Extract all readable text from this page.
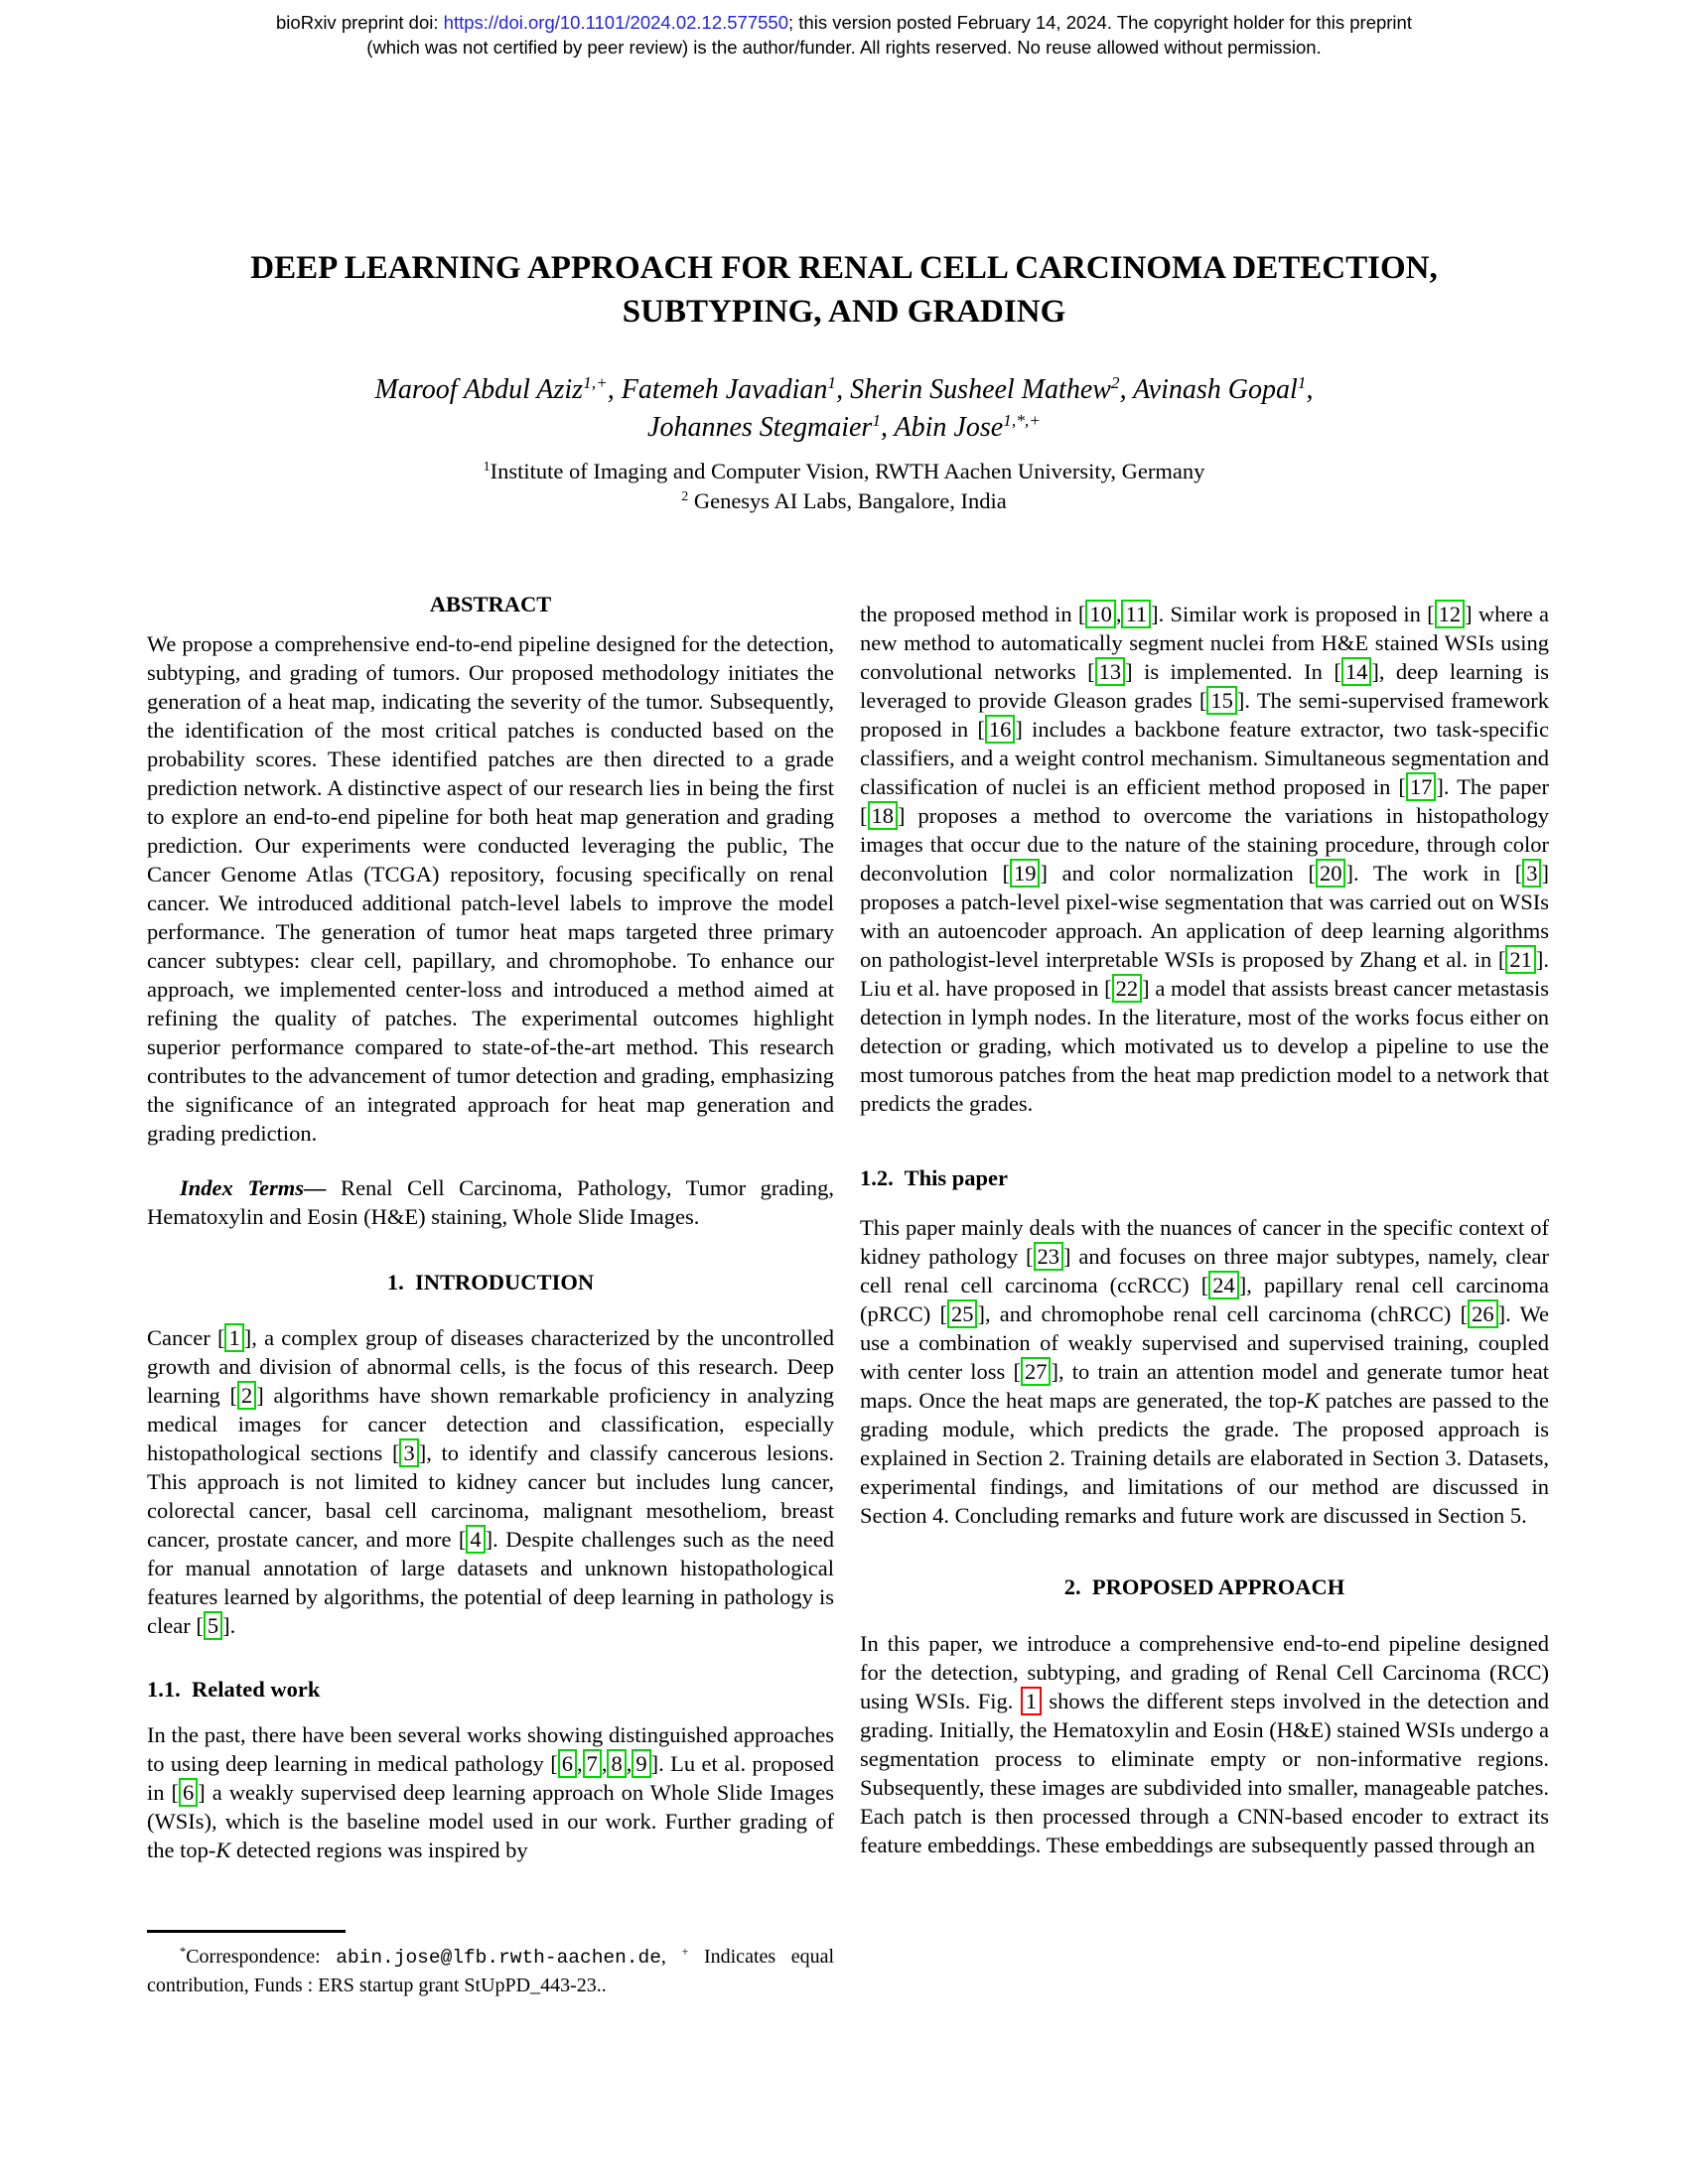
bioRxiv preprint doi: https://doi.org/10.1101/2024.02.12.577550; this version posted February 14, 2024. The copyright holder for this preprint
(which was not certified by peer review) is the author/funder. All rights reserved. No reuse allowed without permission.
DEEP LEARNING APPROACH FOR RENAL CELL CARCINOMA DETECTION,
SUBTYPING, AND GRADING
Maroof Abdul Aziz$^{1,+}$, Fatemeh Javadian$^1$, Sherin Susheel Mathew$^2$, Avinash Gopal$^1$,
Johannes Stegmaier$^1$, Abin Jose$^{1,*,+}$
$^1$Institute of Imaging and Computer Vision, RWTH Aachen University, Germany
$^2$ Genesys AI Labs, Bangalore, India
ABSTRACT

We propose a comprehensive end-to-end pipeline designed for the detection, subtyping, and grading of tumors. Our proposed methodology initiates the generation of a heat map, indicating the severity of the tumor. Subsequently, the identification of the most critical patches is conducted based on the probability scores. These identified patches are then directed to a grade prediction network. A distinctive aspect of our research lies in being the first to explore an end-to-end pipeline for both heat map generation and grading prediction. Our experiments were conducted leveraging the public, The Cancer Genome Atlas (TCGA) repository, focusing specifically on renal cancer. We introduced additional patch-level labels to improve the model performance. The generation of tumor heat maps targeted three primary cancer subtypes: clear cell, papillary, and chromophobe. To enhance our approach, we implemented center-loss and introduced a method aimed at refining the quality of patches. The experimental outcomes highlight superior performance compared to state-of-the-art method. This research contributes to the advancement of tumor detection and grading, emphasizing the significance of an integrated approach for heat map generation and grading prediction.

Index Terms— Renal Cell Carcinoma, Pathology, Tumor grading, Hematoxylin and Eosin (H&E) staining, Whole Slide Images.

1.  INTRODUCTION

Cancer [ 1 ], a complex group of diseases characterized by the uncontrolled growth and division of abnormal cells, is the focus of this research. Deep learning [ 2 ] algorithms have shown remarkable proficiency in analyzing medical images for cancer detection and classification, especially histopathological sections [ 3 ], to identify and classify cancerous lesions. This approach is not limited to kidney cancer but includes lung cancer, colorectal cancer, basal cell carcinoma, malignant mesotheliom, breast cancer, prostate cancer, and more [ 4 ]. Despite challenges such as the need for manual annotation of large datasets and unknown histopathological features learned by algorithms, the potential of deep learning in pathology is clear [ 5 ].

1.1.  Related work

In the past, there have been several works showing distinguished approaches to using deep learning in medical pathology [ 6 , 7 , 8 , 9 ]. Lu et al. proposed in [ 6 ] a weakly supervised deep learning approach on Whole Slide Images (WSIs), which is the baseline model used in our work. Further grading of the top-K detected regions was inspired by

the proposed method in [ 10 , 11 ]. Similar work is proposed in [ 12 ] where a new method to automatically segment nuclei from H&E stained WSIs using convolutional networks [ 13 ] is implemented. In [ 14 ], deep learning is leveraged to provide Gleason grades [ 15 ]. The semi-supervised framework proposed in [ 16 ] includes a backbone feature extractor, two task-specific classifiers, and a weight control mechanism. Simultaneous segmentation and classification of nuclei is an efficient method proposed in [ 17 ]. The paper [ 18 ] proposes a method to overcome the variations in histopathology images that occur due to the nature of the staining procedure, through color deconvolution [ 19 ] and color normalization [ 20 ]. The work in [ 3 ] proposes a patch-level pixel-wise segmentation that was carried out on WSIs with an autoencoder approach. An application of deep learning algorithms on pathologist-level interpretable WSIs is proposed by Zhang et al. in [ 21 ]. Liu et al. have proposed in [ 22 ] a model that assists breast cancer metastasis detection in lymph nodes. In the literature, most of the works focus either on detection or grading, which motivated us to develop a pipeline to use the most tumorous patches from the heat map prediction model to a network that predicts the grades.

1.2.  This paper

This paper mainly deals with the nuances of cancer in the specific context of kidney pathology [ 23 ] and focuses on three major subtypes, namely, clear cell renal cell carcinoma (ccRCC) [ 24 ], papillary renal cell carcinoma (pRCC) [ 25 ], and chromophobe renal cell carcinoma (chRCC) [ 26 ]. We use a combination of weakly supervised and supervised training, coupled with center loss [ 27 ], to train an attention model and generate tumor heat maps. Once the heat maps are generated, the top-K patches are passed to the grading module, which predicts the grade. The proposed approach is explained in Section 2. Training details are elaborated in Section 3. Datasets, experimental findings, and limitations of our method are discussed in Section 4. Concluding remarks and future work are discussed in Section 5.

2.  PROPOSED APPROACH

In this paper, we introduce a comprehensive end-to-end pipeline designed for the detection, subtyping, and grading of Renal Cell Carcinoma (RCC) using WSIs. Fig. 1 shows the different steps involved in the detection and grading. Initially, the Hematoxylin and Eosin (H&E) stained WSIs undergo a segmentation process to eliminate empty or non-informative regions. Subsequently, these images are subdivided into smaller, manageable patches. Each patch is then processed through a CNN-based encoder to extract its feature embeddings. These embeddings are subsequently passed through an

*Correspondence: abin.jose@lfb.rwth-aachen.de, + Indicates equal contribution, Funds : ERS startup grant StUpPD_443-23..
